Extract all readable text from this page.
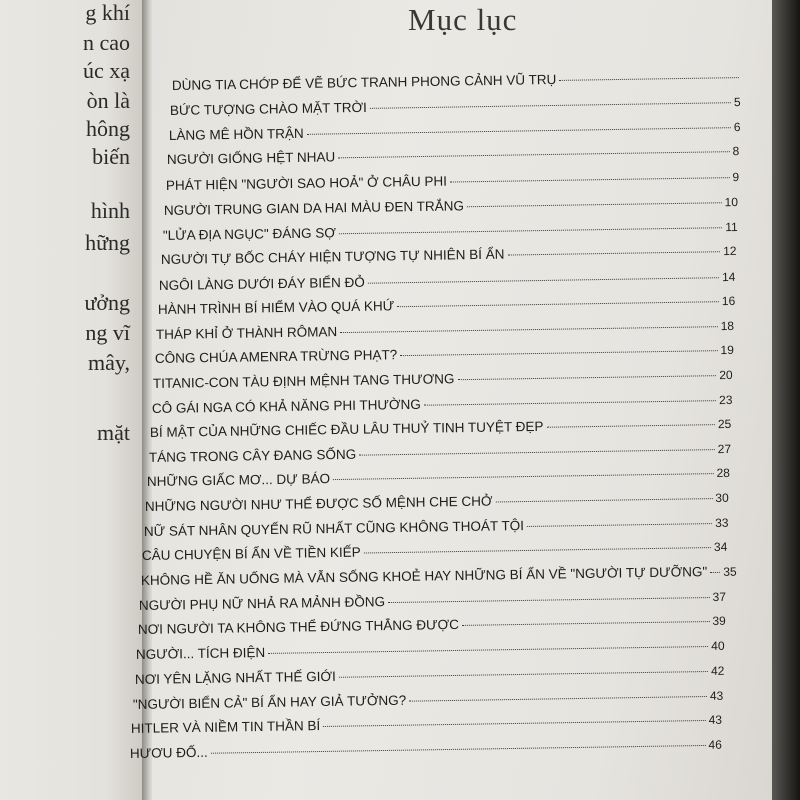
g khí
n cao
úc xạ
òn là
hông
biến
hình
hững
ưởng
ng vĩ
mây,
mặt
Mục lục
DÙNG TIA CHỚP ĐỂ VẼ BỨC TRANH PHONG CẢNH VŨ TRỤ
BỨC TƯỢNG CHÀO MẶT TRỜI	5
LÀNG MÊ HỒN TRẬN	6
NGƯỜI GIỐNG HỆT NHAU	8
PHÁT HIỆN "NGƯỜI SAO HOẢ" Ở CHÂU PHI	9
NGƯỜI TRUNG GIAN DA HAI MÀU ĐEN TRẮNG	10
"LỬA ĐỊA NGỤC" ĐÁNG SỢ	11
NGƯỜI TỰ BỐC CHÁY HIỆN TƯỢNG TỰ NHIÊN BÍ ẨN	12
NGÔI LÀNG DƯỚI ĐÁY BIỂN ĐỎ	14
HÀNH TRÌNH BÍ HIỂM VÀO QUÁ KHỨ	16
THÁP KHỈ Ở THÀNH RÔMAN	18
CÔNG CHÚA AMENRA TRỪNG PHẠT?	19
TITANIC-CON TÀU ĐỊNH MỆNH TANG THƯƠNG	20
CÔ GÁI NGA CÓ KHẢ NĂNG PHI THƯỜNG	23
BÍ MẬT CỦA NHỮNG CHIẾC ĐẦU LÂU THUỶ TINH TUYỆT ĐẸP	25
TÁNG TRONG CÂY ĐANG SỐNG	27
NHỮNG GIẤC MƠ... DỰ BÁO	28
NHỮNG NGƯỜI NHƯ THỂ ĐƯỢC SỐ MỆNH CHE CHỞ	30
NỮ SÁT NHÂN QUYẾN RŨ NHẤT CŨNG KHÔNG THOÁT TỘI	33
CÂU CHUYỆN BÍ ẨN VỀ TIỀN KIẾP	34
KHÔNG HỀ ĂN UỐNG MÀ VẪN SỐNG KHOẺ HAY NHỮNG BÍ ẨN VỀ "NGƯỜI TỰ DƯỠNG" 35
NGƯỜI PHỤ NỮ NHẢ RA MẢNH ĐỒNG	37
NƠI NGƯỜI TA KHÔNG THỂ ĐỨNG THẲNG ĐƯỢC	39
NGƯỜI... TÍCH ĐIỆN	40
NƠI YÊN LẶNG NHẤT THẾ GIỚI	42
"NGƯỜI BIỂN CẢ" BÍ ẨN HAY GIẢ TƯỞNG?	43
HITLER VÀ NIỀM TIN THẦN BÍ	43
HƯƠU ĐỐ...	46
